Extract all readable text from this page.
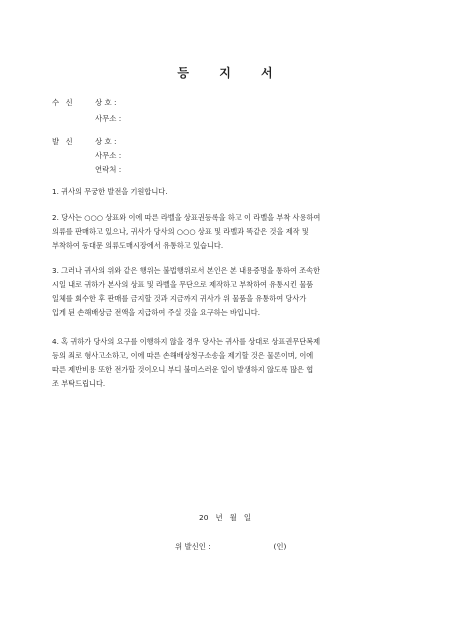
등 지 서
수 신	상 호 :
사무소 :
발 신	상 호 :
사무소 :
연락처 :

1. 귀사의 무궁한 발전을 기원합니다.

2. 당사는 ○○○ 상표와 이에 따른 라벨을 상표권등록을 하고 이 라벨을 부착 사용하여

의류를 판매하고 있으나, 귀사가 당사의 ○○○ 상표 및 라벨과 똑같은 것을 제작 및

부착하여 동대문 의류도매시장에서 유통하고 있습니다.

3. 그러나 귀사의 위와 같은 행위는 불법행위로서 본인은 본 내용증명을 통하여 조속한

시일 내로 귀하가 본사의 상표 및 라벨을 무단으로 제작하고 부착하여 유통시킨 물품

일체를 회수한 후 판매를 금지할 것과 지금까지 귀사가 위 물품을 유통하여 당사가

입게 된 손해배상금 전액을 지급하여 주실 것을 요구하는 바입니다.

4. 혹 귀하가 당사의 요구를 이행하지 않을 경우 당사는 귀사를 상대로 상표권무단복제

등의 죄로 형사고소하고, 이에 따른 손해배상청구소송을 제기할 것은 물론이며, 이에

따른 제반비용 또한 전가할 것이오니 부디 불미스러운 일이 발생하지 않도록 많은 협

조 부탁드립니다.

20   년   월   일
위 발신인 :	(인)
